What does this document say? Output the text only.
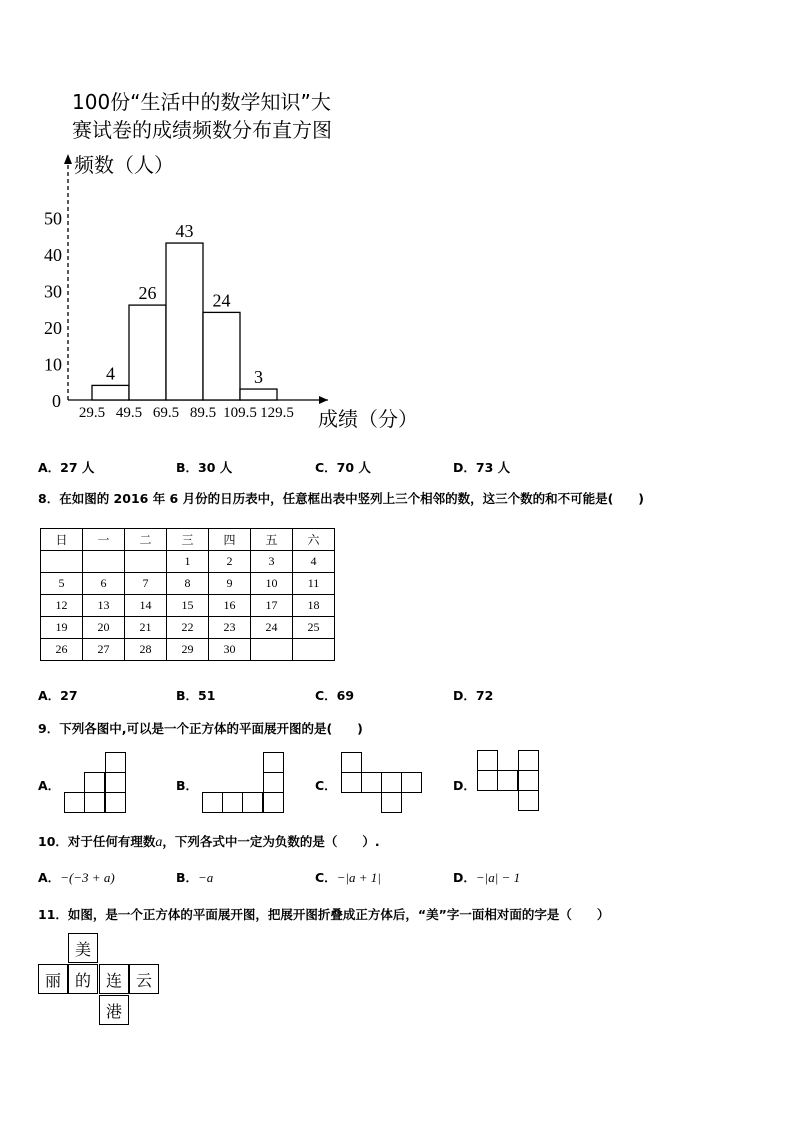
100份“生活中的数学知识”大
赛试卷的成绩频数分布直方图
频数（人）
成绩（分）
0
10
20
30
40
50
29.5 49.5 69.5 89.5 109.5 129.5
4
26
43
24
3
A．27 人	B．30 人	C．70 人	D．73 人
8．在如图的 2016 年 6 月份的日历表中，任意框出表中竖列上三个相邻的数，这三个数的和不可能是(　　)
日	一	二	三	四	五	六
			1	2	3	4
5	6	7	8	9	10	11
12	13	14	15	16	17	18
19	20	21	22	23	24	25
26	27	28	29	30		
A．27	B．51	C．69	D．72
9．下列各图中,可以是一个正方体的平面展开图的是(　　)
A．	B．	C．	D．
10．对于任何有理数a，下列各式中一定为负数的是（　　）.
A．−(−3 + a)	B．−a	C．−|a + 1|	D．−|a| − 1
11．如图，是一个正方体的平面展开图，把展开图折叠成正方体后，“美”字一面相对面的字是（　　）
美
丽 的 连 云
港
